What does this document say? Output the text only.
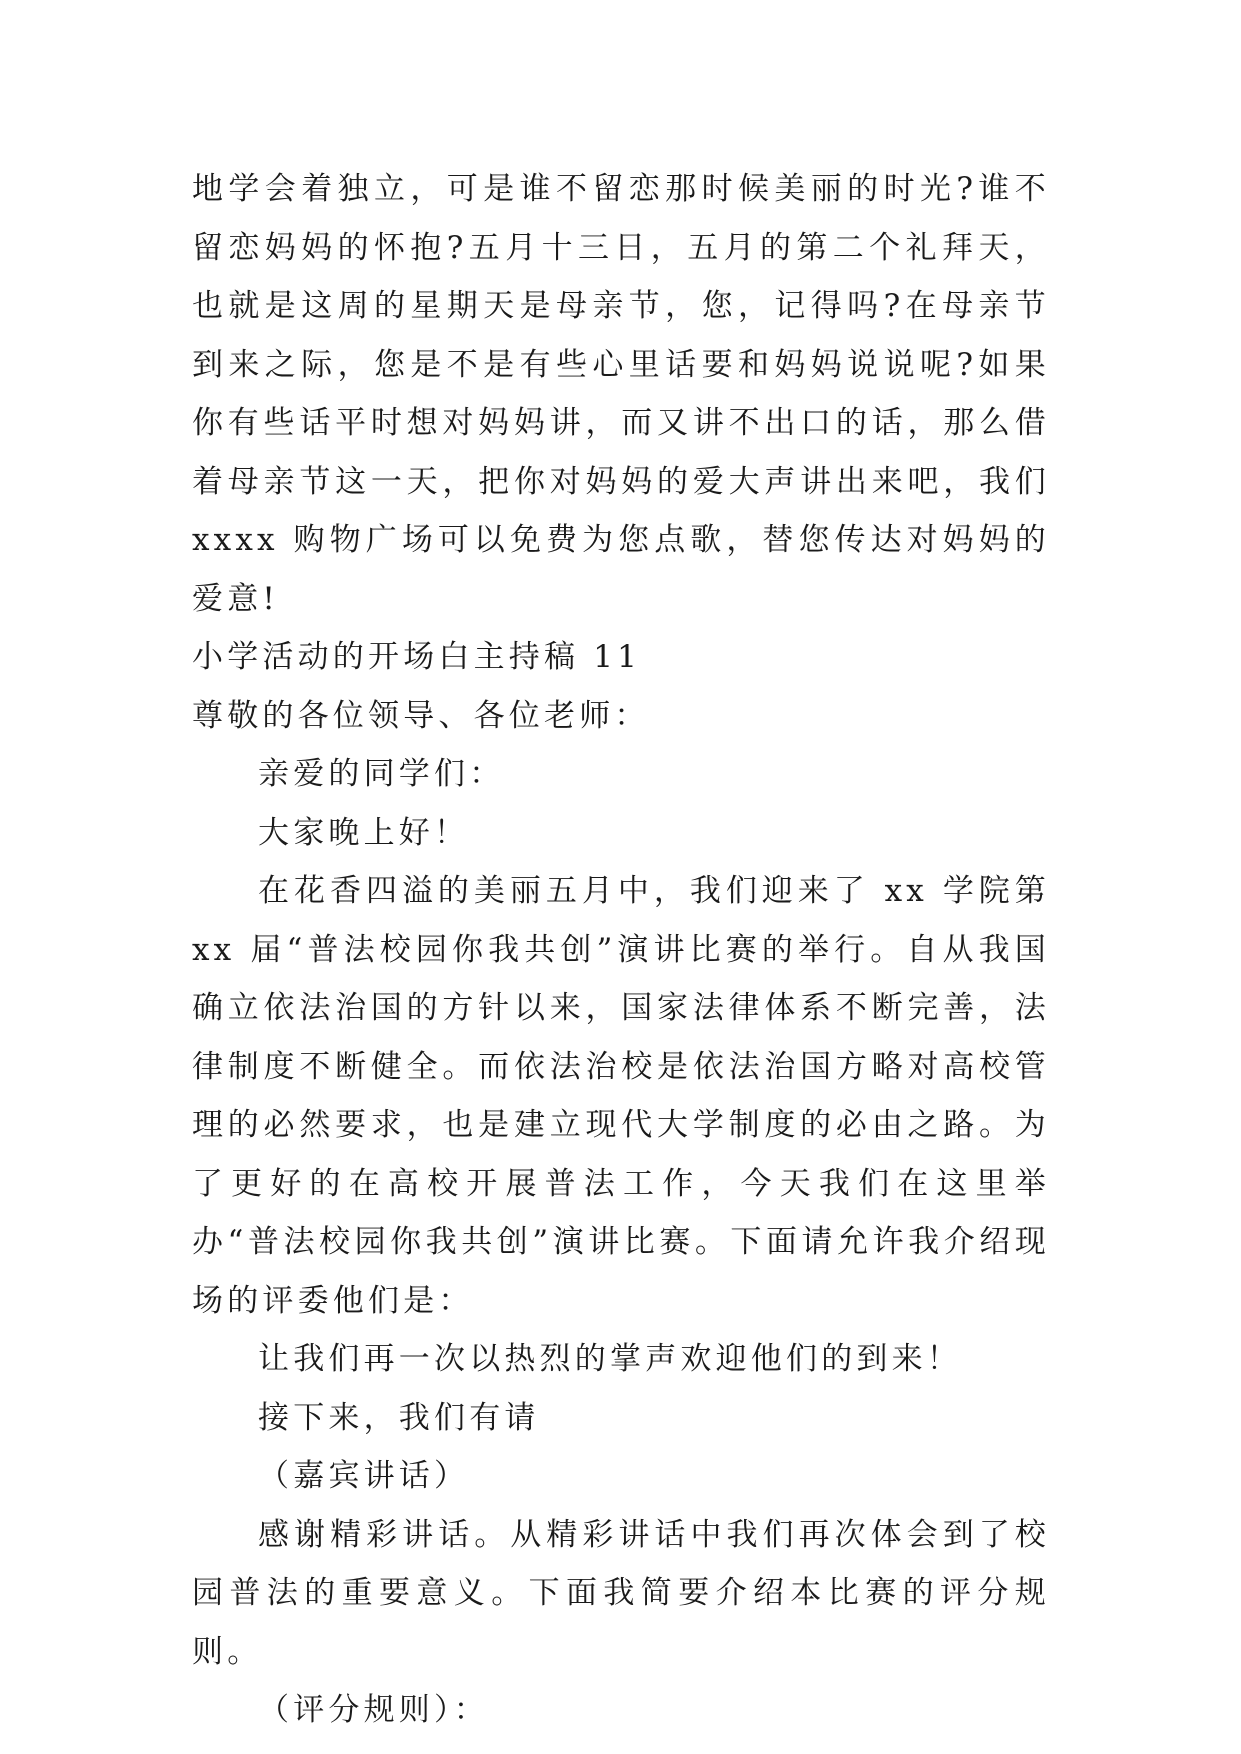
地学会着独立，可是谁不留恋那时候美丽的时光?谁不留恋妈妈的怀抱?五月十三日，五月的第二个礼拜天，也就是这周的星期天是母亲节，您，记得吗?在母亲节到来之际，您是不是有些心里话要和妈妈说说呢?如果你有些话平时想对妈妈讲，而又讲不出口的话，那么借着母亲节这一天，把你对妈妈的爱大声讲出来吧，我们 xxxx 购物广场可以免费为您点歌，替您传达对妈妈的爱意!

小学活动的开场白主持稿 11

尊敬的各位领导、各位老师：

亲爱的同学们：

大家晚上好！

在花香四溢的美丽五月中，我们迎来了 xx 学院第 xx 届“普法校园你我共创”演讲比赛的举行。自从我国确立依法治国的方针以来，国家法律体系不断完善，法律制度不断健全。而依法治校是依法治国方略对高校管理的必然要求，也是建立现代大学制度的必由之路。为了更好的在高校开展普法工作，今天我们在这里举办“普法校园你我共创”演讲比赛。下面请允许我介绍现场的评委他们是：

让我们再一次以热烈的掌声欢迎他们的到来！

接下来，我们有请

（嘉宾讲话）

感谢精彩讲话。从精彩讲话中我们再次体会到了校园普法的重要意义。下面我简要介绍本比赛的评分规则。

（评分规则）：
